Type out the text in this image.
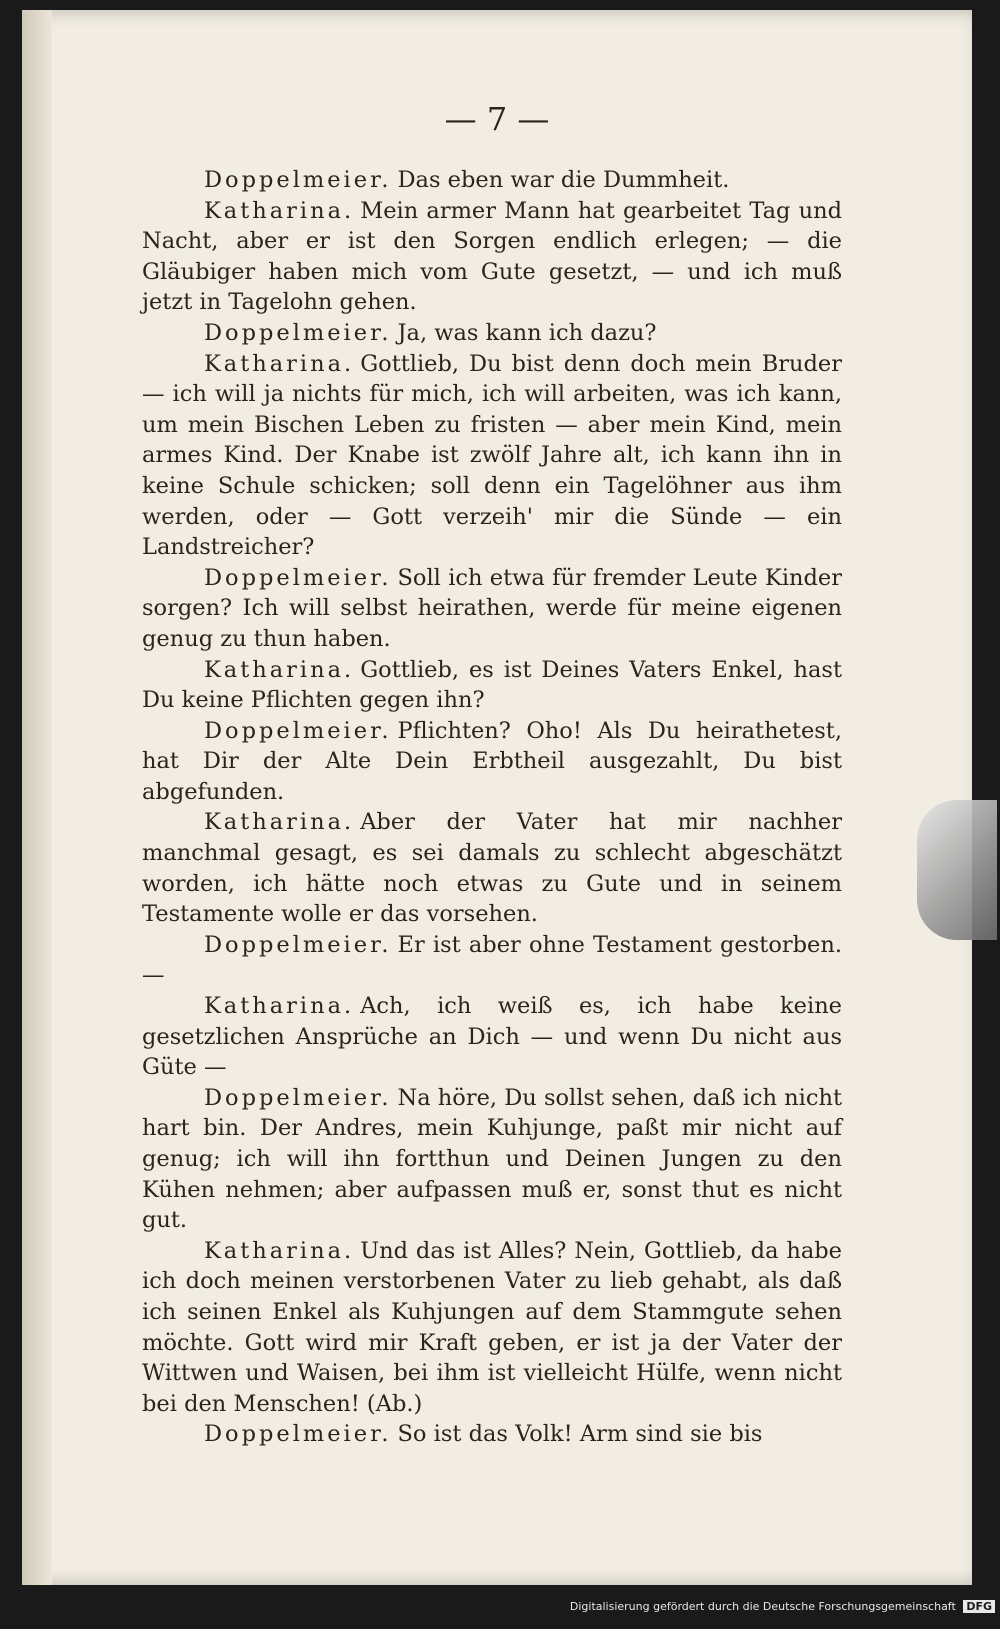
— 7 —

Doppelmeier. Das eben war die Dummheit.

Katharina. Mein armer Mann hat gearbeitet Tag und Nacht, aber er ist den Sorgen endlich erlegen; — die Gläubiger haben mich vom Gute gesetzt, — und ich muß jetzt in Tagelohn gehen.

Doppelmeier. Ja, was kann ich dazu?

Katharina. Gottlieb, Du bist denn doch mein Bruder — ich will ja nichts für mich, ich will arbeiten, was ich kann, um mein Bischen Leben zu fristen — aber mein Kind, mein armes Kind. Der Knabe ist zwölf Jahre alt, ich kann ihn in keine Schule schicken; soll denn ein Tagelöhner aus ihm werden, oder — Gott verzeih' mir die Sünde — ein Landstreicher?

Doppelmeier. Soll ich etwa für fremder Leute Kinder sorgen? Ich will selbst heirathen, werde für meine eigenen genug zu thun haben.

Katharina. Gottlieb, es ist Deines Vaters Enkel, hast Du keine Pflichten gegen ihn?

Doppelmeier. Pflichten? Oho! Als Du heirathetest, hat Dir der Alte Dein Erbtheil ausgezahlt, Du bist abgefunden.

Katharina. Aber der Vater hat mir nachher manchmal gesagt, es sei damals zu schlecht abgeschätzt worden, ich hätte noch etwas zu Gute und in seinem Testamente wolle er das vorsehen.

Doppelmeier. Er ist aber ohne Testament gestorben. —

Katharina. Ach, ich weiß es, ich habe keine gesetzlichen Ansprüche an Dich — und wenn Du nicht aus Güte —

Doppelmeier. Na höre, Du sollst sehen, daß ich nicht hart bin. Der Andres, mein Kuhjunge, paßt mir nicht auf genug; ich will ihn fortthun und Deinen Jungen zu den Kühen nehmen; aber aufpassen muß er, sonst thut es nicht gut.

Katharina. Und das ist Alles? Nein, Gottlieb, da habe ich doch meinen verstorbenen Vater zu lieb gehabt, als daß ich seinen Enkel als Kuhjungen auf dem Stammgute sehen möchte. Gott wird mir Kraft geben, er ist ja der Vater der Wittwen und Waisen, bei ihm ist vielleicht Hülfe, wenn nicht bei den Menschen! (Ab.)

Doppelmeier. So ist das Volk! Arm sind sie bis

Digitalisierung gefördert durch die Deutsche Forschungsgemeinschaft DFG
